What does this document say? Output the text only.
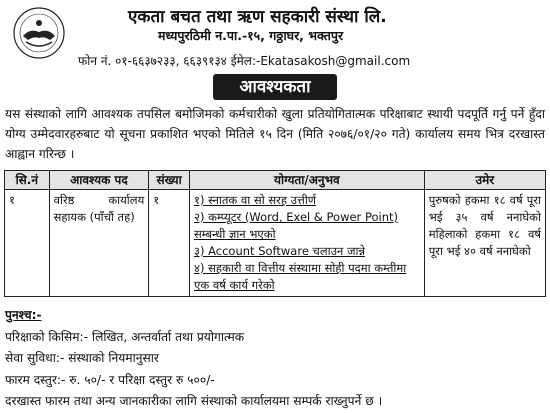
एकता बचत तथा ऋण सहकारी संस्था लि.
मध्यपुरठिमी न.पा.-१५, गठ्ठाघर, भक्तपुर
फोन नं. ०१-६६३७२३३, ६६३९१३४ ईमेल:-Ekatasakosh@gmail.com
आवश्यकता
यस संस्थाको लागि आवश्यक तपसिल बमोजिमको कर्मचारीको खुला प्रतियोगितात्मक परिक्षाबाट स्थायी पदपूर्ति गर्नु पर्ने हुँदा योग्य उम्मेदवारहरुबाट यो सूचना प्रकाशित भएको मितिले १५ दिन (मिति २०७६/०१/२० गते) कार्यालय समय भित्र दरखास्त आह्वान गरिन्छ ।
सि.नं	आवश्यक पद	संख्या	योग्यता/अनुभव	उमेर
१	वरिष्ठ कार्यालय सहायक (पाँचौं तह)	१	१) स्नातक वा सो सरह उत्तीर्ण
२) कम्प्यूटर (Word, Exel & Power Point) सम्बन्धी ज्ञान भएको
३) Account Software चलाउन जान्ने
४) सहकारी वा वित्तीय संस्थामा सोही पदमा कम्तीमा एक वर्ष कार्य गरेको	पुरुषको हकमा १८ वर्ष पूरा भई ३५ वर्ष ननाघेको महिलाको हकमा १८ वर्ष पूरा भई ४० वर्ष ननाघेको
पुनश्च:-
परिक्षाको किसिम:- लिखित, अन्तर्वार्ता तथा प्रयोगात्मक
सेवा सुविधा:- संस्थाको नियमानुसार
फारम दस्तुर:- रु. ५०/- र परिक्षा दस्तुर रु ५००/-
दरखास्त फारम तथा अन्य जानकारीका लागि संस्थाको कार्यालयमा सम्पर्क राख्नुपर्ने छ ।
